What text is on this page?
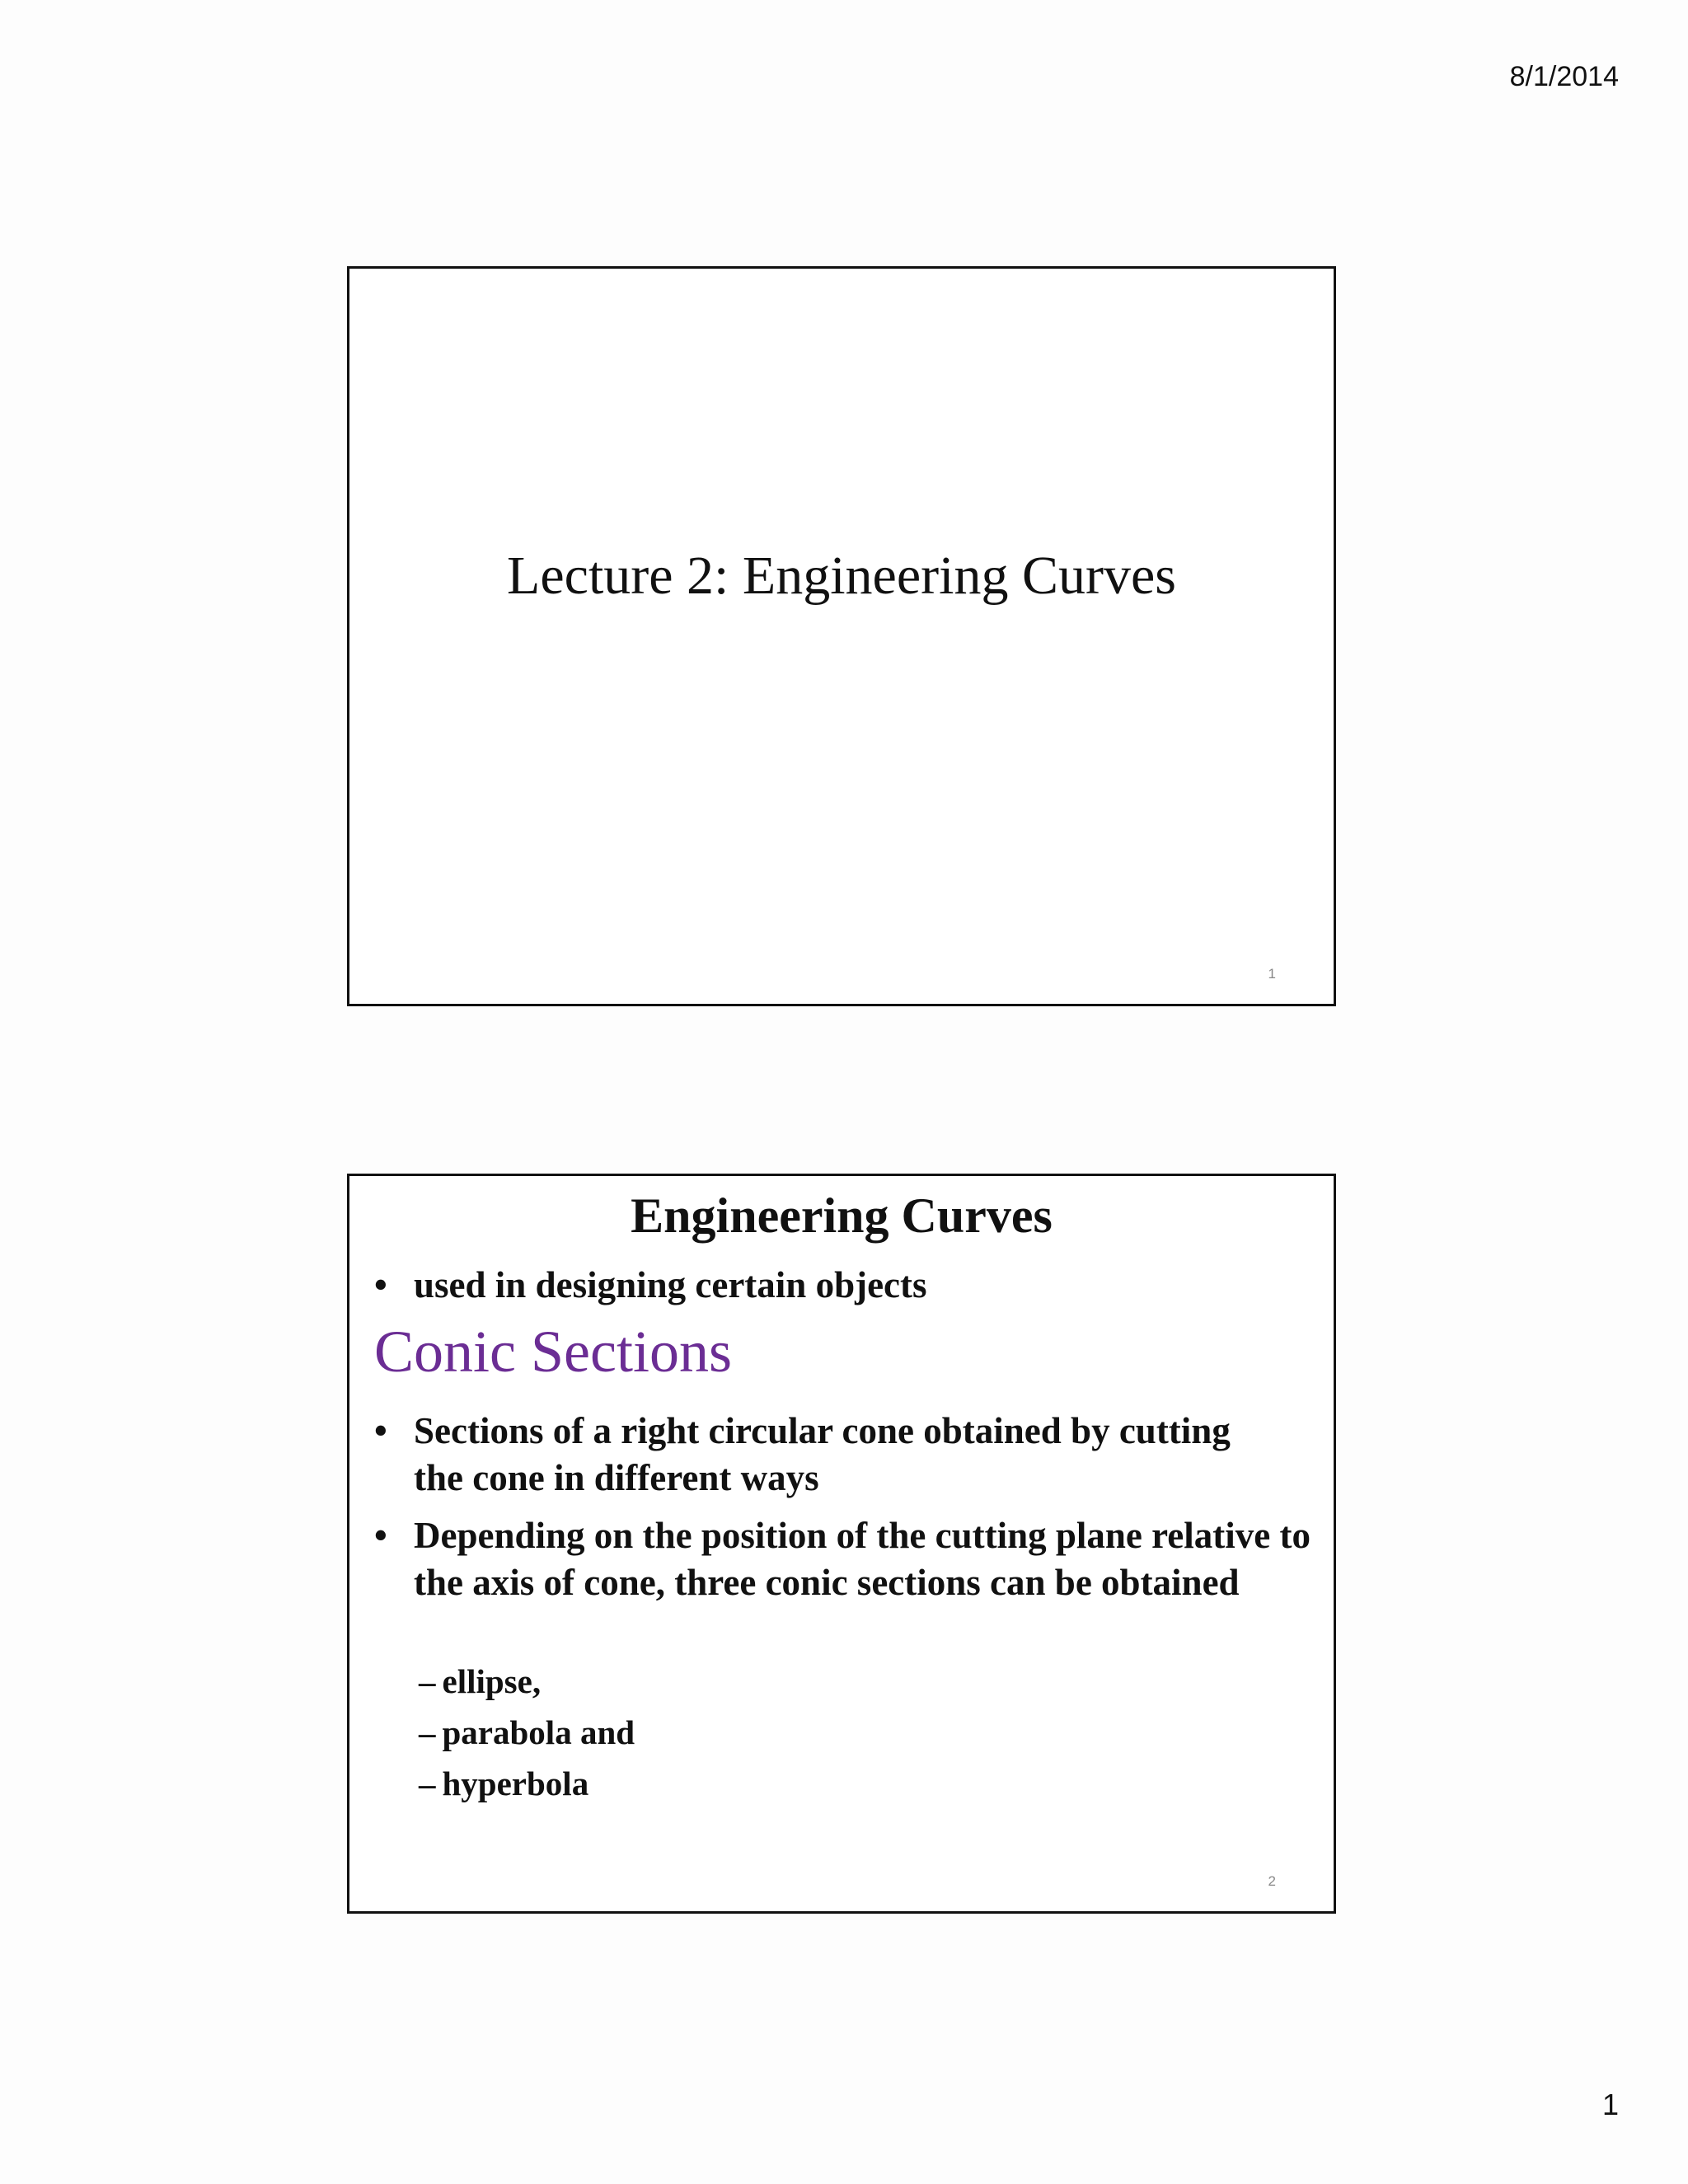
8/1/2014
Lecture 2: Engineering Curves
1
Engineering Curves
• used in designing certain objects
Conic Sections
• Sections of a right circular cone obtained by cutting the cone in different ways
• Depending on the position of the cutting plane relative to the axis of cone, three conic sections can be obtained
– ellipse,
– parabola and
– hyperbola
2
1
